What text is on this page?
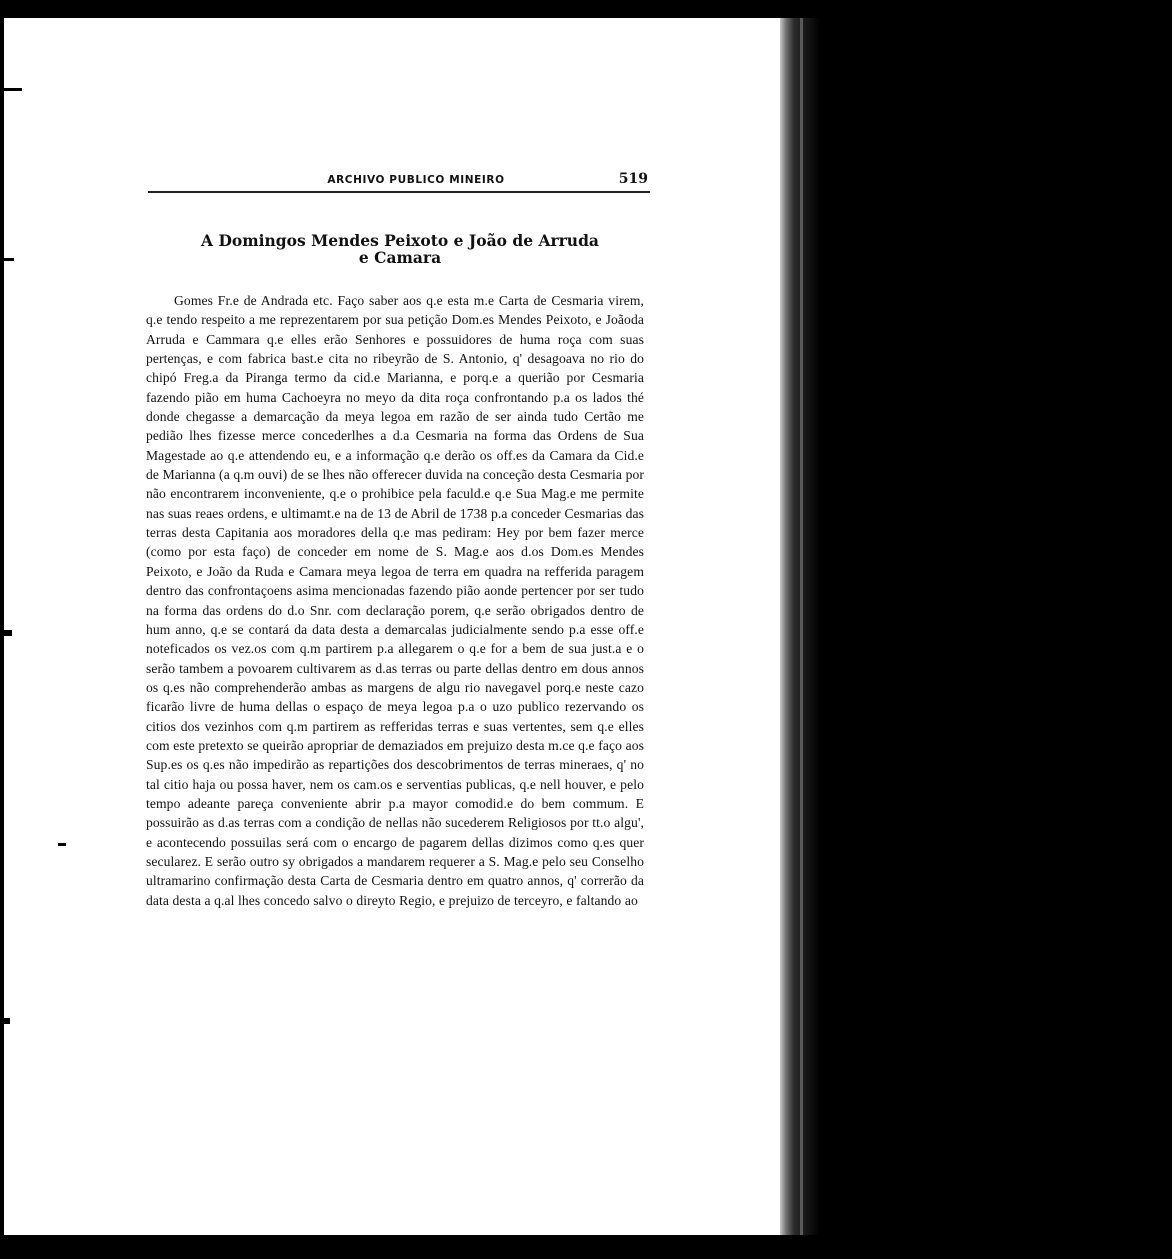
ARCHIVO PUBLICO MINEIRO	519
A Domingos Mendes Peixoto e João de Arruda
e Camara
Gomes Fr.e de Andrada etc. Faço saber aos q.e esta m.e Carta de Cesmaria virem, q.e tendo respeito a me reprezentarem por sua petição Dom.es Mendes Peixoto, e Joãoda Arruda e Cammara q.e elles erão Senhores e possuidores de huma roça com suas pertenças, e com fabrica bast.e cita no ribeyrão de S. Antonio, q' desagoava no rio do chipó Freg.a da Piranga termo da cid.e Marianna, e porq.e a querião por Cesmaria fazendo pião em huma Cachoeyra no meyo da dita roça confrontando p.a os lados thé donde chegasse a demarcação da meya legoa em razão de ser ainda tudo Certão me pedião lhes fizesse merce concederlhes a d.a Cesmaria na forma das Ordens de Sua Magestade ao q.e attendendo eu, e a informação q.e derão os off.es da Camara da Cid.e de Marianna (a q.m ouvi) de se lhes não offerecer duvida na conceção desta Cesmaria por não encontrarem inconveniente, q.e o prohibice pela faculd.e q.e Sua Mag.e me permite nas suas reaes ordens, e ultimamt.e na de 13 de Abril de 1738 p.a conceder Cesmarias das terras desta Capitania aos moradores della q.e mas pediram: Hey por bem fazer merce (como por esta faço) de conceder em nome de S. Mag.e aos d.os Dom.es Mendes Peixoto, e João da Ruda e Camara meya legoa de terra em quadra na refferida paragem dentro das confrontaçoens asima mencionadas fazendo pião aonde pertencer por ser tudo na forma das ordens do d.o Snr. com declaração porem, q.e serão obrigados dentro de hum anno, q.e se contará da data desta a demarcalas judicialmente sendo p.a esse off.e noteficados os vez.os com q.m partirem p.a allegarem o q.e for a bem de sua just.a e o serão tambem a povoarem cultivarem as d.as terras ou parte dellas dentro em dous annos os q.es não comprehenderão ambas as margens de algu rio navegavel porq.e neste cazo ficarão livre de huma dellas o espaço de meya legoa p.a o uzo publico rezervando os citios dos vezinhos com q.m partirem as refferidas terras e suas vertentes, sem q.e elles com este pretexto se queirão apropriar de demaziados em prejuizo desta m.ce q.e faço aos Sup.es os q.es não impedirão as repartições dos descobrimentos de terras mineraes, q' no tal citio haja ou possa haver, nem os cam.os e serventias publicas, q.e nell houver, e pelo tempo adeante pareça conveniente abrir p.a mayor comodid.e do bem commum. E possuirão as d.as terras com a condição de nellas não sucederem Religiosos por tt.o algu', e acontecendo possuilas será com o encargo de pagarem dellas dizimos como q.es quer secularez. E serão outro sy obrigados a mandarem requerer a S. Mag.e pelo seu Conselho ultramarino confirmação desta Carta de Cesmaria dentro em quatro annos, q' correrão da data desta a q.al lhes concedo salvo o direyto Regio, e prejuizo de terceyro, e faltando ao
